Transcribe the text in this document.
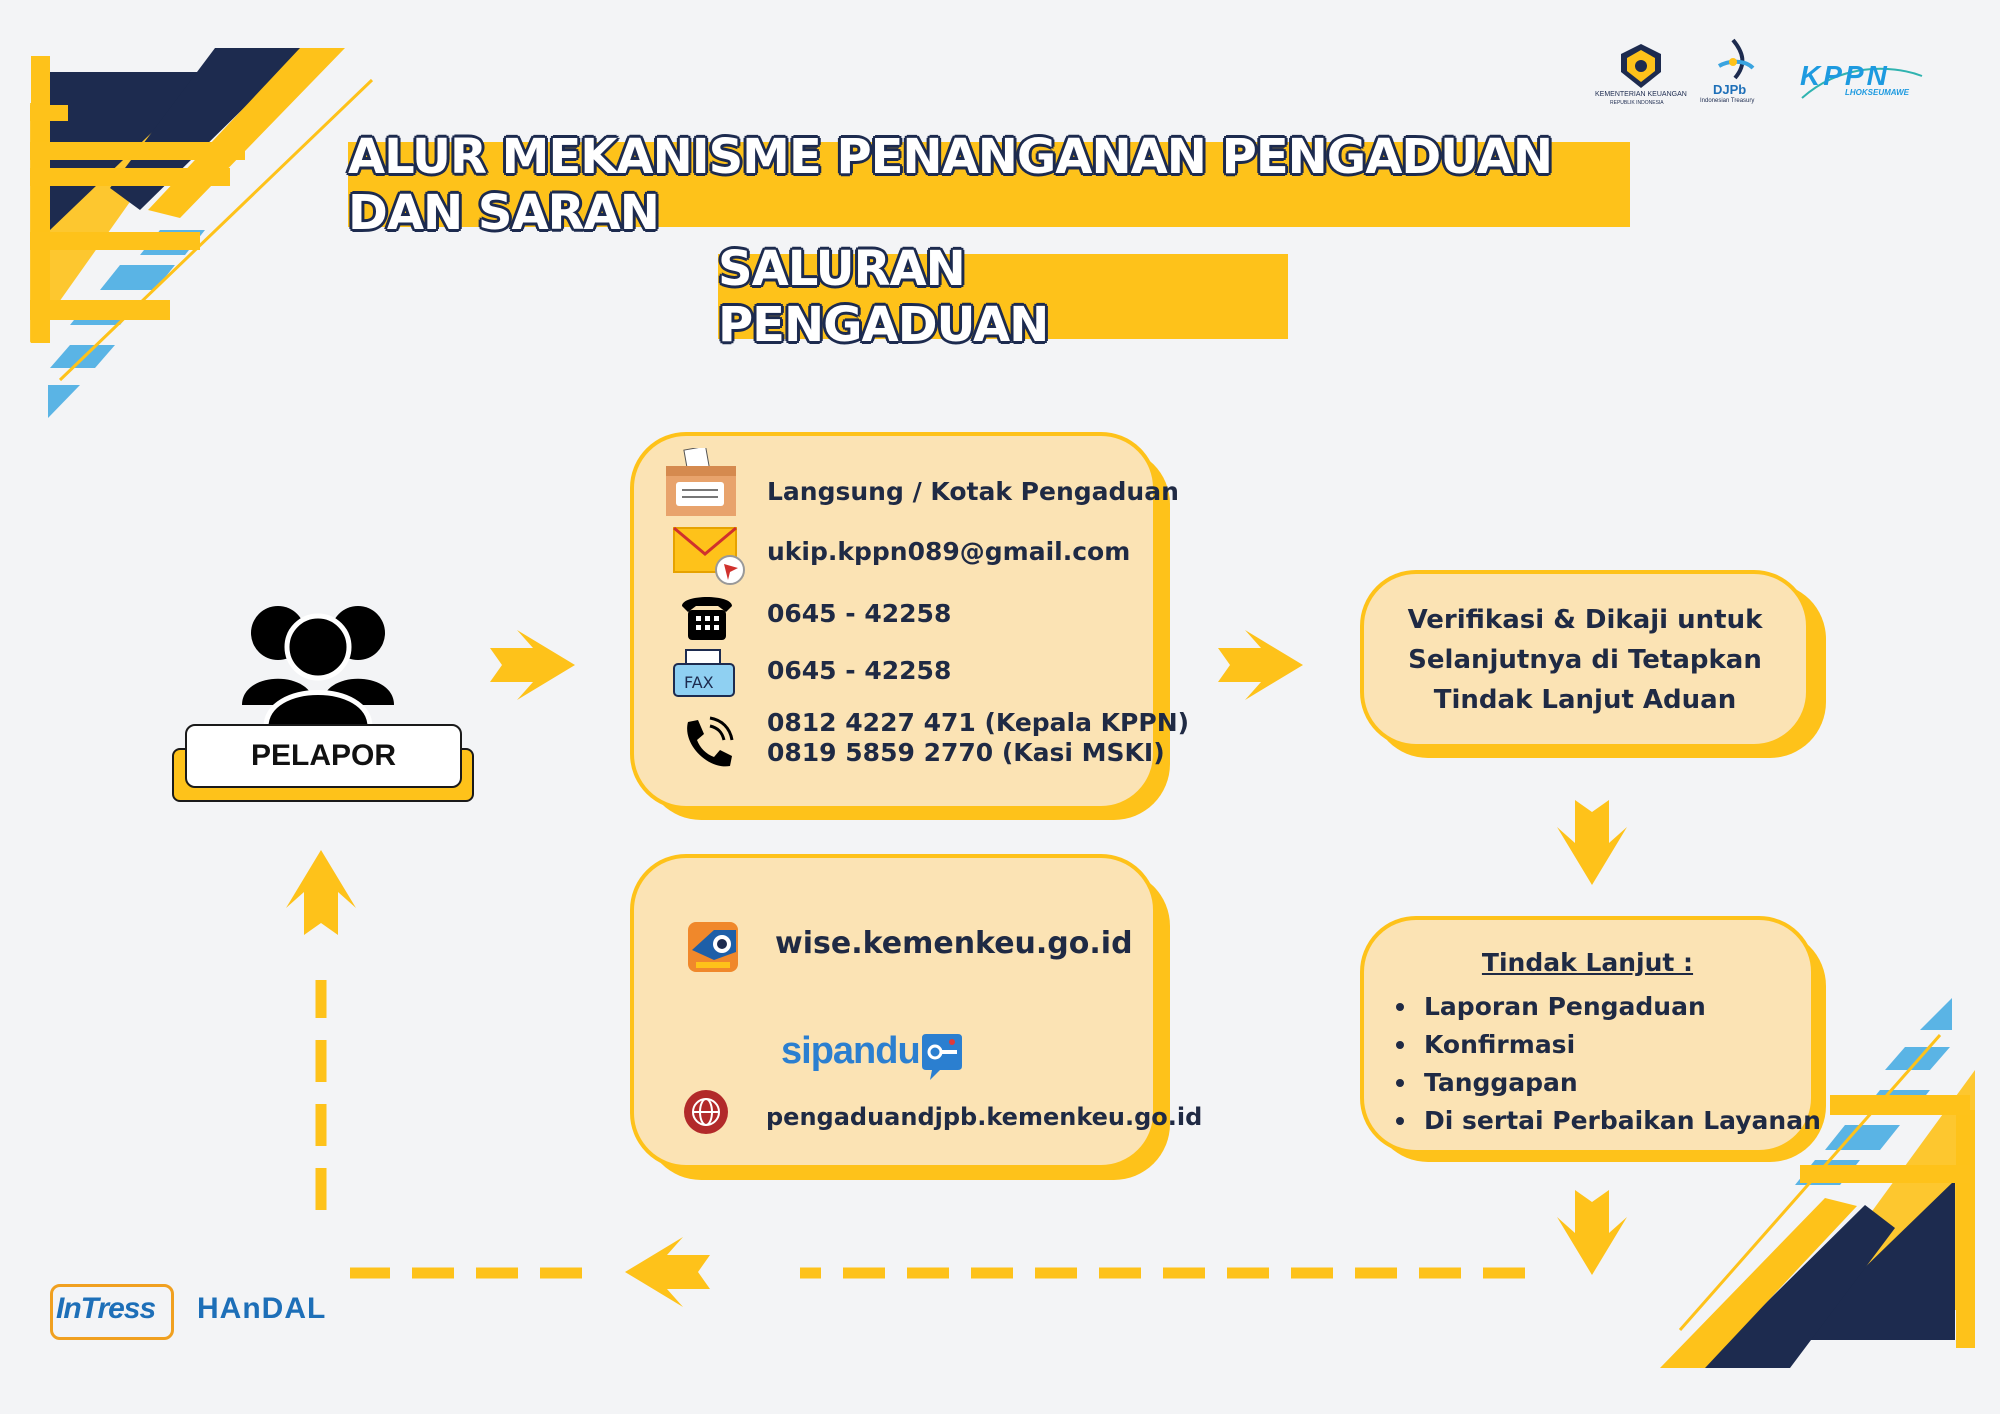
KEMENTERIAN KEUANGAN
REPUBLIK INDONESIA
DJPb
Indonesian Treasury
KPPN
LHOKSEUMAWE
ALUR MEKANISME PENANGANAN PENGADUAN DAN SARAN
SALURAN PENGADUAN
PELAPOR
FAX
Langsung / Kotak Pengaduan
ukip.kppn089@gmail.com
0645 - 42258
0645 - 42258
0812 4227 471 (Kepala KPPN)
0819 5859 2770 (Kasi MSKI)
wise.kemenkeu.go.id
sipandu
pengaduandjpb.kemenkeu.go.id
Verifikasi & Dikaji untuk
Selanjutnya di Tetapkan
Tindak Lanjut Aduan
Tindak Lanjut :
Laporan Pengaduan
Konfirmasi
Tanggapan
Di sertai Perbaikan Layanan
InTress HAnDAL
